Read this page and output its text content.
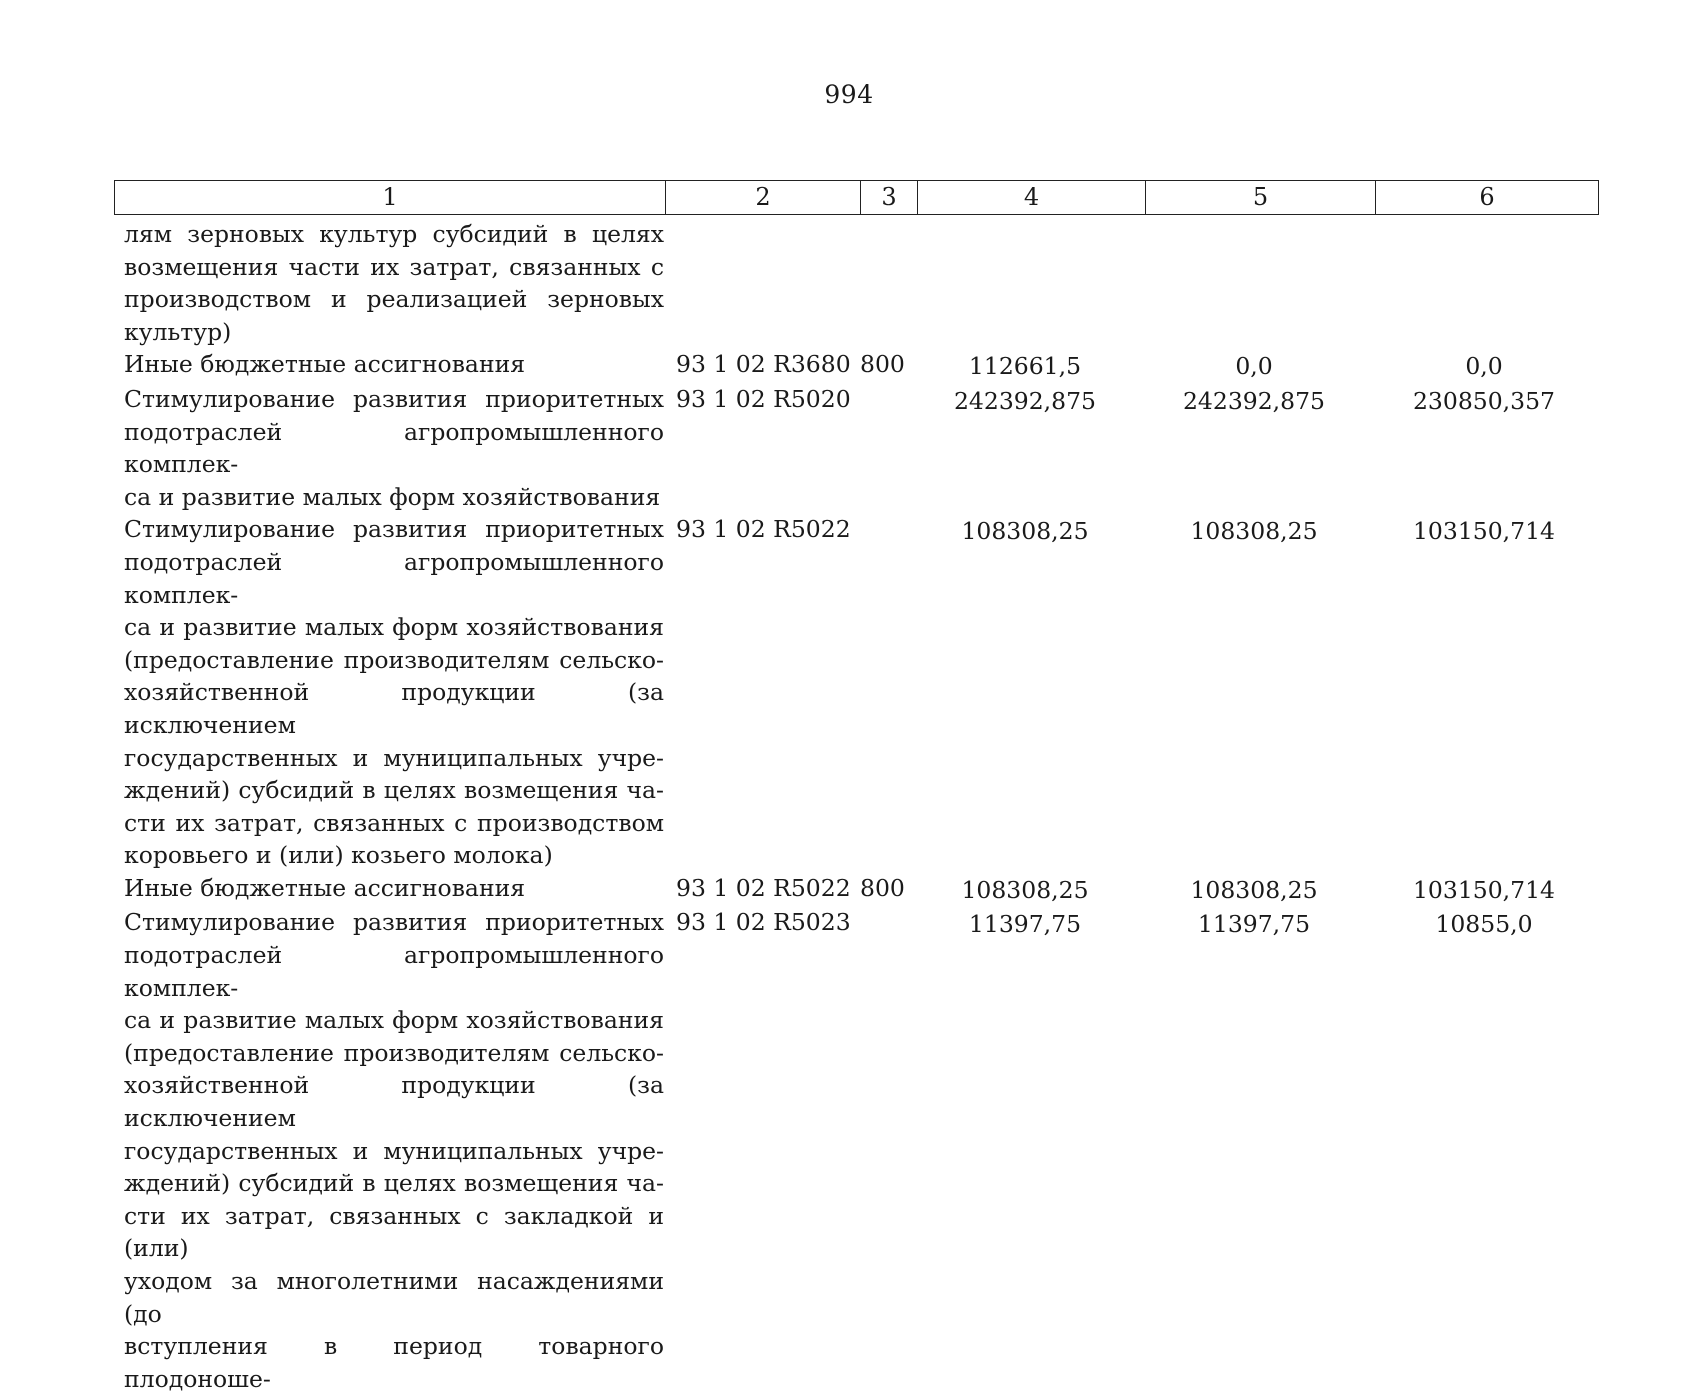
994
1	2	3	4	5	6
лям зерновых культур субсидий в целях
возмещения части их затрат, связанных с
производством и реализацией зерновых
культур)
Иные бюджетные ассигнования	93 1 02 R3680 800	112661,5	0,0	0,0
Стимулирование развития приоритетных
подотраслей агропромышленного комплек-
са и развитие малых форм хозяйствования
93 1 02 R5020	242392,875	242392,875	230850,357
Стимулирование развития приоритетных
подотраслей агропромышленного комплек-
са и развитие малых форм хозяйствования
(предоставление производителям сельско-
хозяйственной продукции (за исключением
государственных и муниципальных учре-
ждений) субсидий в целях возмещения ча-
сти их затрат, связанных с производством
коровьего и (или) козьего молока)
93 1 02 R5022	108308,25	108308,25	103150,714
Иные бюджетные ассигнования	93 1 02 R5022 800	108308,25	108308,25	103150,714
Стимулирование развития приоритетных
подотраслей агропромышленного комплек-
са и развитие малых форм хозяйствования
(предоставление производителям сельско-
хозяйственной продукции (за исключением
государственных и муниципальных учре-
ждений) субсидий в целях возмещения ча-
сти их затрат, связанных с закладкой и (или)
уходом за многолетними насаждениями (до
вступления в период товарного плодоноше-
93 1 02 R5023	11397,75	11397,75	10855,0
